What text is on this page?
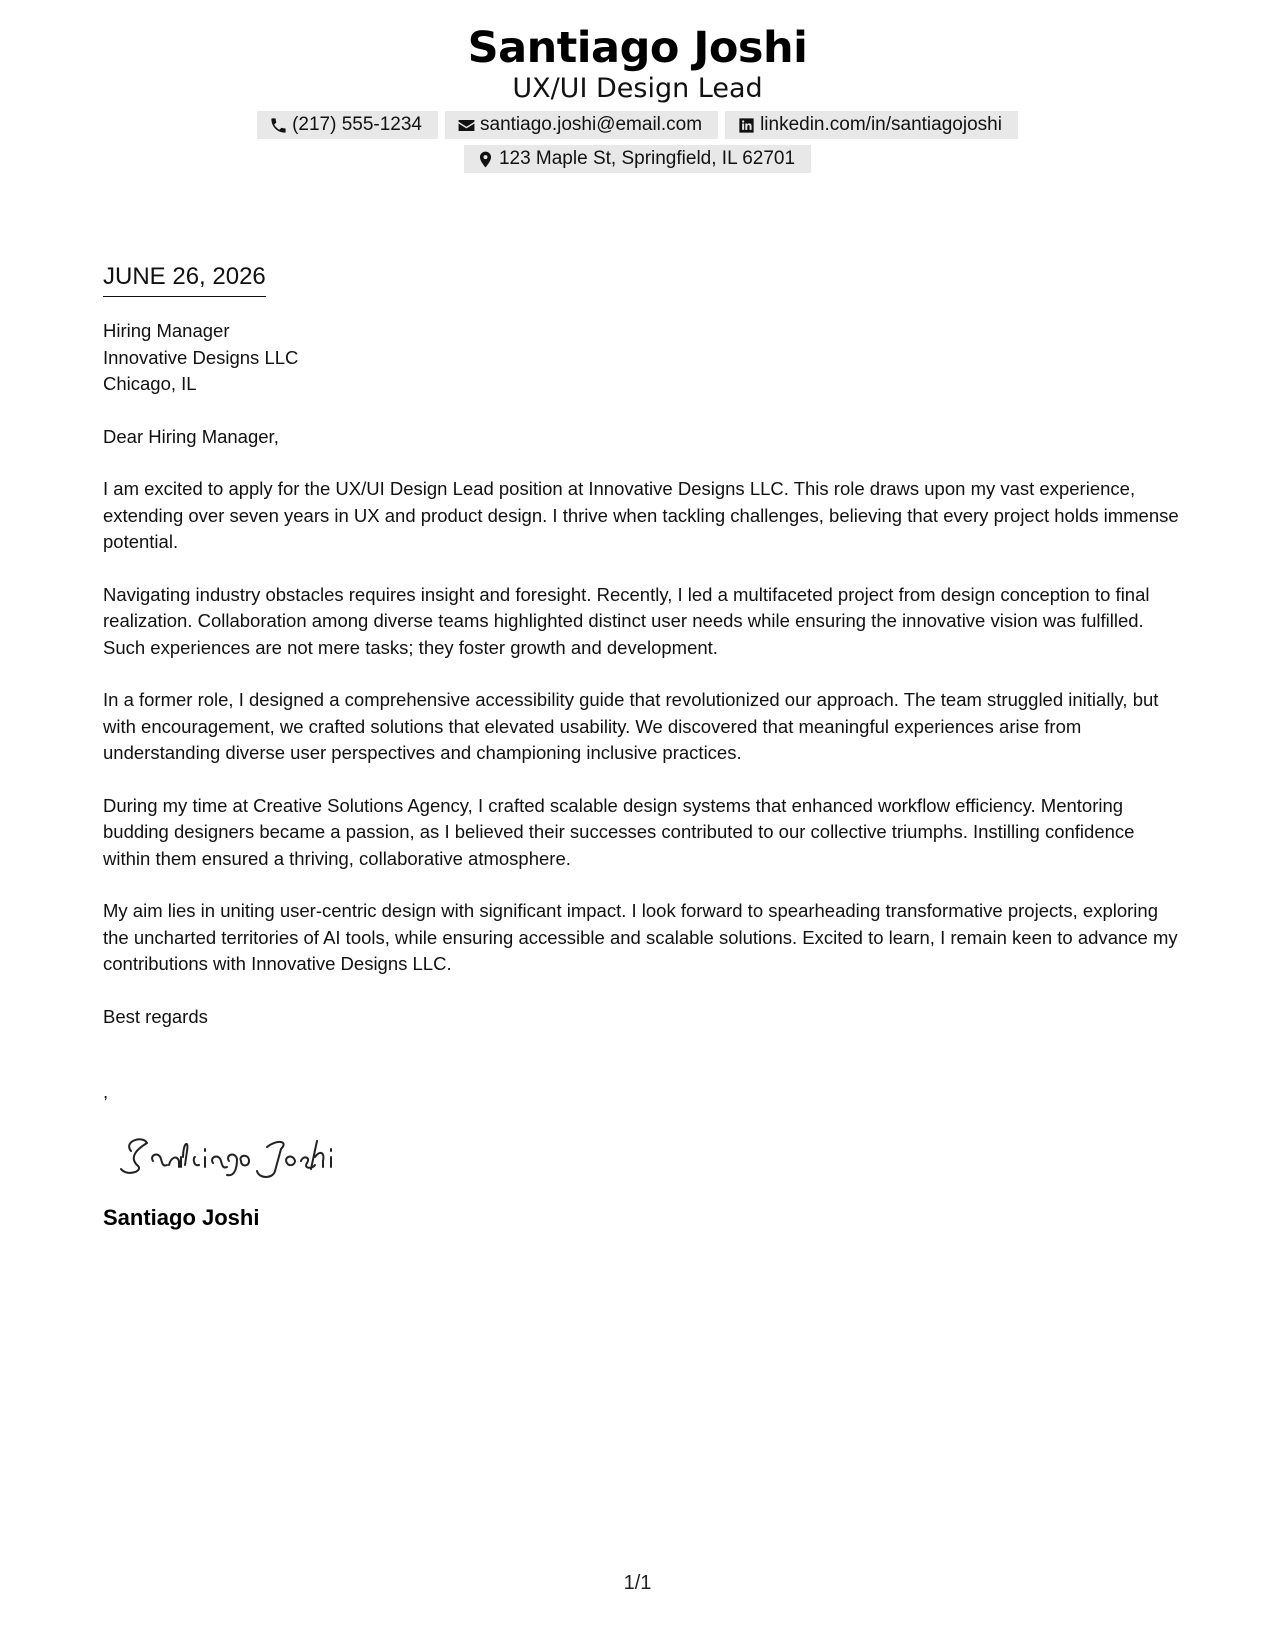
Santiago Joshi
UX/UI Design Lead
(217) 555-1234	santiago.joshi@email.com	linkedin.com/in/santiagojoshi
123 Maple St, Springfield, IL 62701
JUNE 26, 2026
Hiring Manager
Innovative Designs LLC
Chicago, IL
Dear Hiring Manager,
I am excited to apply for the UX/UI Design Lead position at Innovative Designs LLC. This role draws upon my vast experience, extending over seven years in UX and product design. I thrive when tackling challenges, believing that every project holds immense potential.
Navigating industry obstacles requires insight and foresight. Recently, I led a multifaceted project from design conception to final realization. Collaboration among diverse teams highlighted distinct user needs while ensuring the innovative vision was fulfilled. Such experiences are not mere tasks; they foster growth and development.
In a former role, I designed a comprehensive accessibility guide that revolutionized our approach. The team struggled initially, but with encouragement, we crafted solutions that elevated usability. We discovered that meaningful experiences arise from understanding diverse user perspectives and championing inclusive practices.
During my time at Creative Solutions Agency, I crafted scalable design systems that enhanced workflow efficiency. Mentoring budding designers became a passion, as I believed their successes contributed to our collective triumphs. Instilling confidence within them ensured a thriving, collaborative atmosphere.
My aim lies in uniting user-centric design with significant impact. I look forward to spearheading transformative projects, exploring the uncharted territories of AI tools, while ensuring accessible and scalable solutions. Excited to learn, I remain keen to advance my contributions with Innovative Designs LLC.
Best regards
,
Santiago Joshi
1/1
